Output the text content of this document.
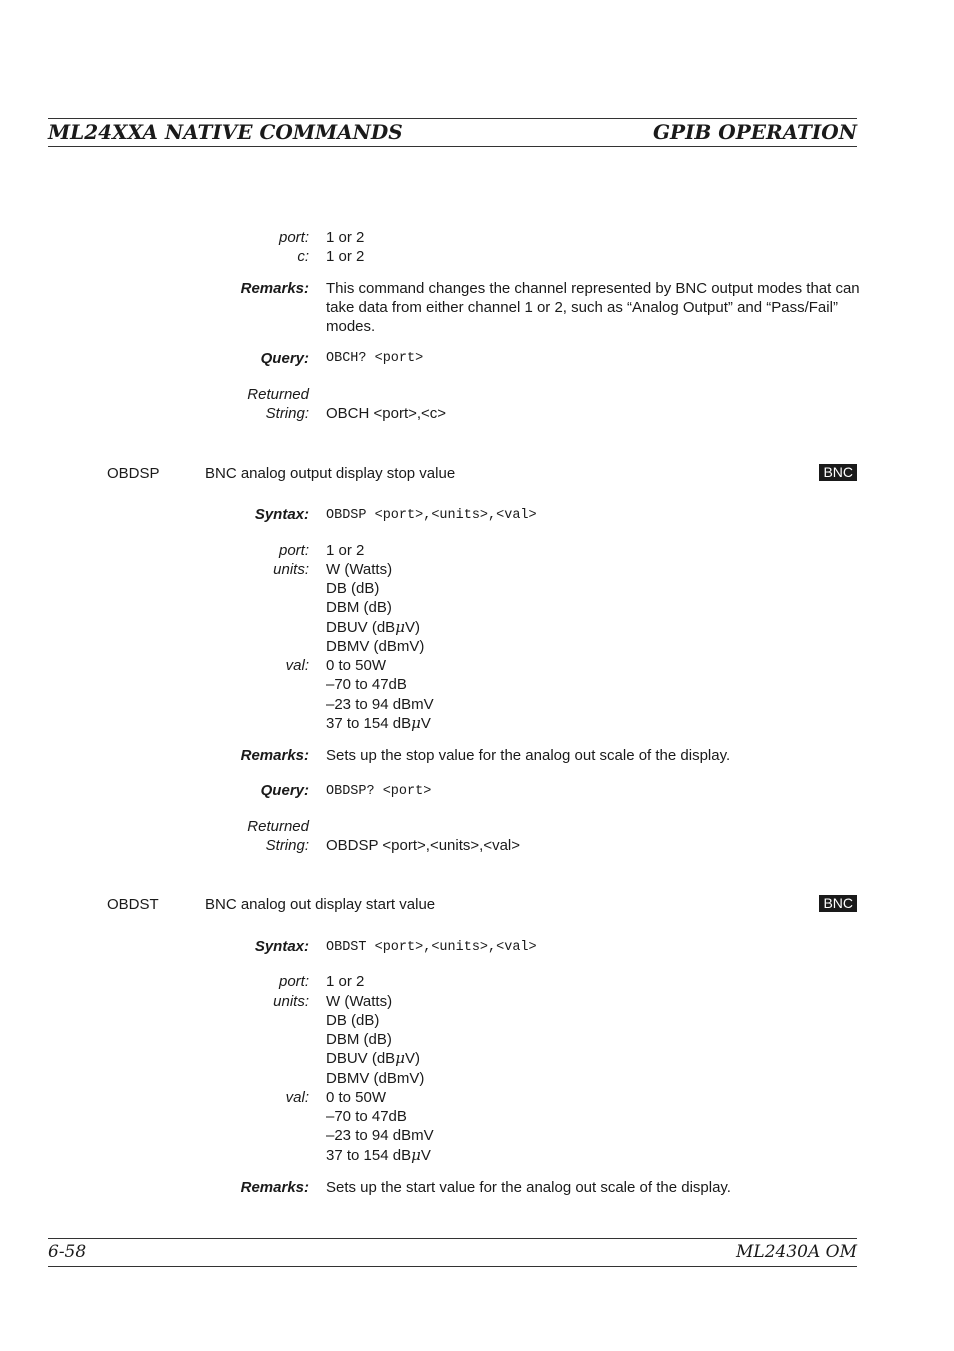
ML24XXA NATIVE COMMANDS	GPIB OPERATION
port: 1 or 2
c: 1 or 2
Remarks: This command changes the channel represented by BNC output modes that can take data from either channel 1 or 2, such as “Analog Output” and “Pass/Fail” modes.
Query: OBCH? <port>
Returned
String: OBCH <port>,<c>
OBDSP	BNC analog output display stop value	BNC
Syntax: OBDSP <port>,<units>,<val>
port: 1 or 2
units: W (Watts)
DB (dB)
DBM (dB)
DBUV (dBμV)
DBMV (dBmV)
val: 0 to 50W
–70 to 47dB
–23 to 94 dBmV
37 to 154 dBμV
Remarks: Sets up the stop value for the analog out scale of the display.
Query: OBDSP? <port>
Returned
String: OBDSP <port>,<units>,<val>
OBDST	BNC analog out display start value	BNC
Syntax: OBDST <port>,<units>,<val>
port: 1 or 2
units: W (Watts)
DB (dB)
DBM (dB)
DBUV (dBμV)
DBMV (dBmV)
val: 0 to 50W
–70 to 47dB
–23 to 94 dBmV
37 to 154 dBμV
Remarks: Sets up the start value for the analog out scale of the display.
6-58	ML2430A OM
